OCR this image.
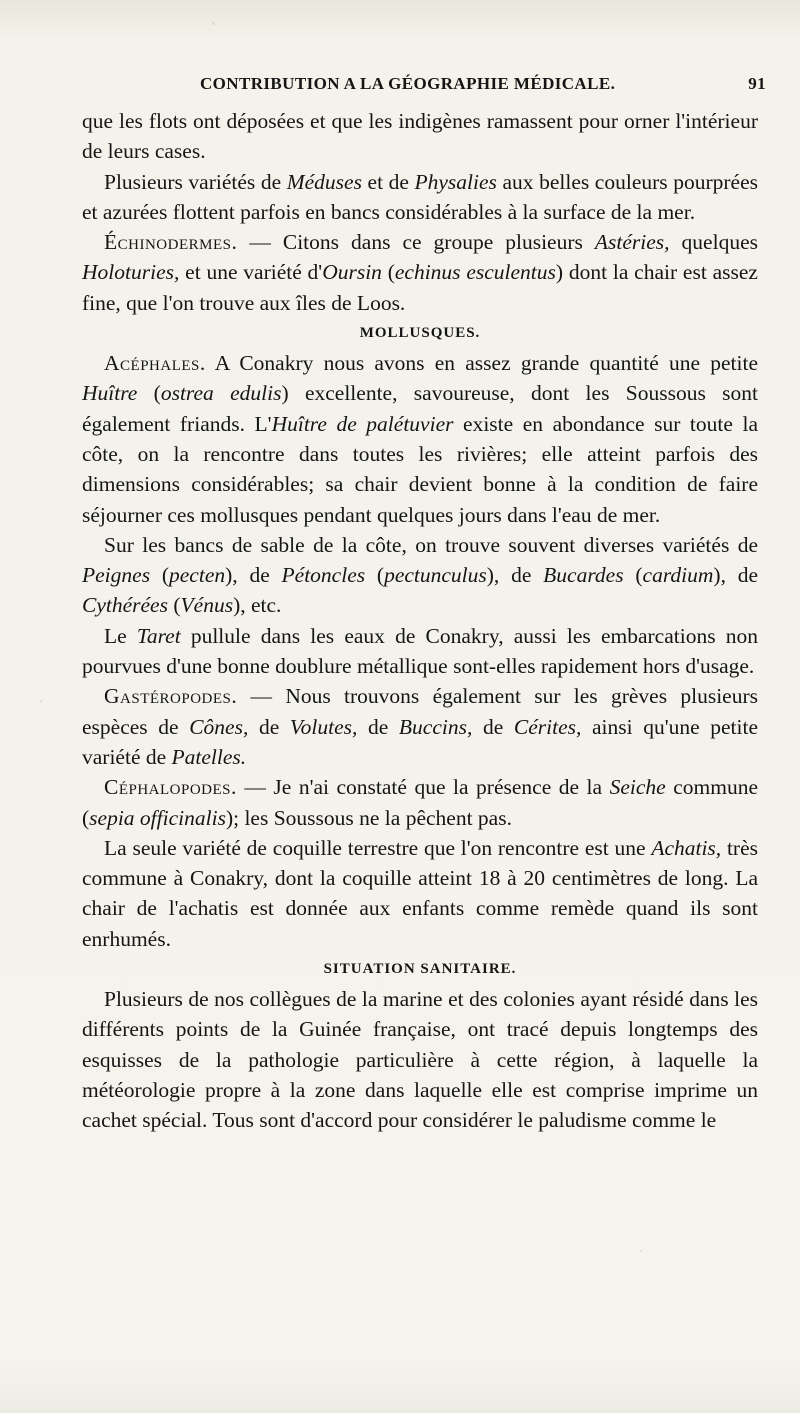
CONTRIBUTION A LA GÉOGRAPHIE MÉDICALE.	91

que les flots ont déposées et que les indigènes ramassent pour orner l'intérieur de leurs cases.

Plusieurs variétés de Méduses et de Physalies aux belles couleurs pourprées et azurées flottent parfois en bancs considérables à la surface de la mer.

Échinodermes. — Citons dans ce groupe plusieurs Astéries, quelques Holoturies, et une variété d'Oursin (echinus esculentus) dont la chair est assez fine, que l'on trouve aux îles de Loos.

MOLLUSQUES.

Acéphales. A Conakry nous avons en assez grande quantité une petite Huître (ostrea edulis) excellente, savoureuse, dont les Soussous sont également friands. L'Huître de palétuvier existe en abondance sur toute la côte, on la rencontre dans toutes les rivières; elle atteint parfois des dimensions considérables; sa chair devient bonne à la condition de faire séjourner ces mollusques pendant quelques jours dans l'eau de mer.

Sur les bancs de sable de la côte, on trouve souvent diverses variétés de Peignes (pecten), de Pétoncles (pectunculus), de Bucardes (cardium), de Cythérées (Vénus), etc.

Le Taret pullule dans les eaux de Conakry, aussi les embarcations non pourvues d'une bonne doublure métallique sont-elles rapidement hors d'usage.

Gastéropodes. — Nous trouvons également sur les grèves plusieurs espèces de Cônes, de Volutes, de Buccins, de Cérites, ainsi qu'une petite variété de Patelles.

Céphalopodes. — Je n'ai constaté que la présence de la Seiche commune (sepia officinalis); les Soussous ne la pêchent pas.

La seule variété de coquille terrestre que l'on rencontre est une Achatis, très commune à Conakry, dont la coquille atteint 18 à 20 centimètres de long. La chair de l'achatis est donnée aux enfants comme remède quand ils sont enrhumés.

SITUATION SANITAIRE.

Plusieurs de nos collègues de la marine et des colonies ayant résidé dans les différents points de la Guinée française, ont tracé depuis longtemps des esquisses de la pathologie particulière à cette région, à laquelle la météorologie propre à la zone dans laquelle elle est comprise imprime un cachet spécial. Tous sont d'accord pour considérer le paludisme comme le
